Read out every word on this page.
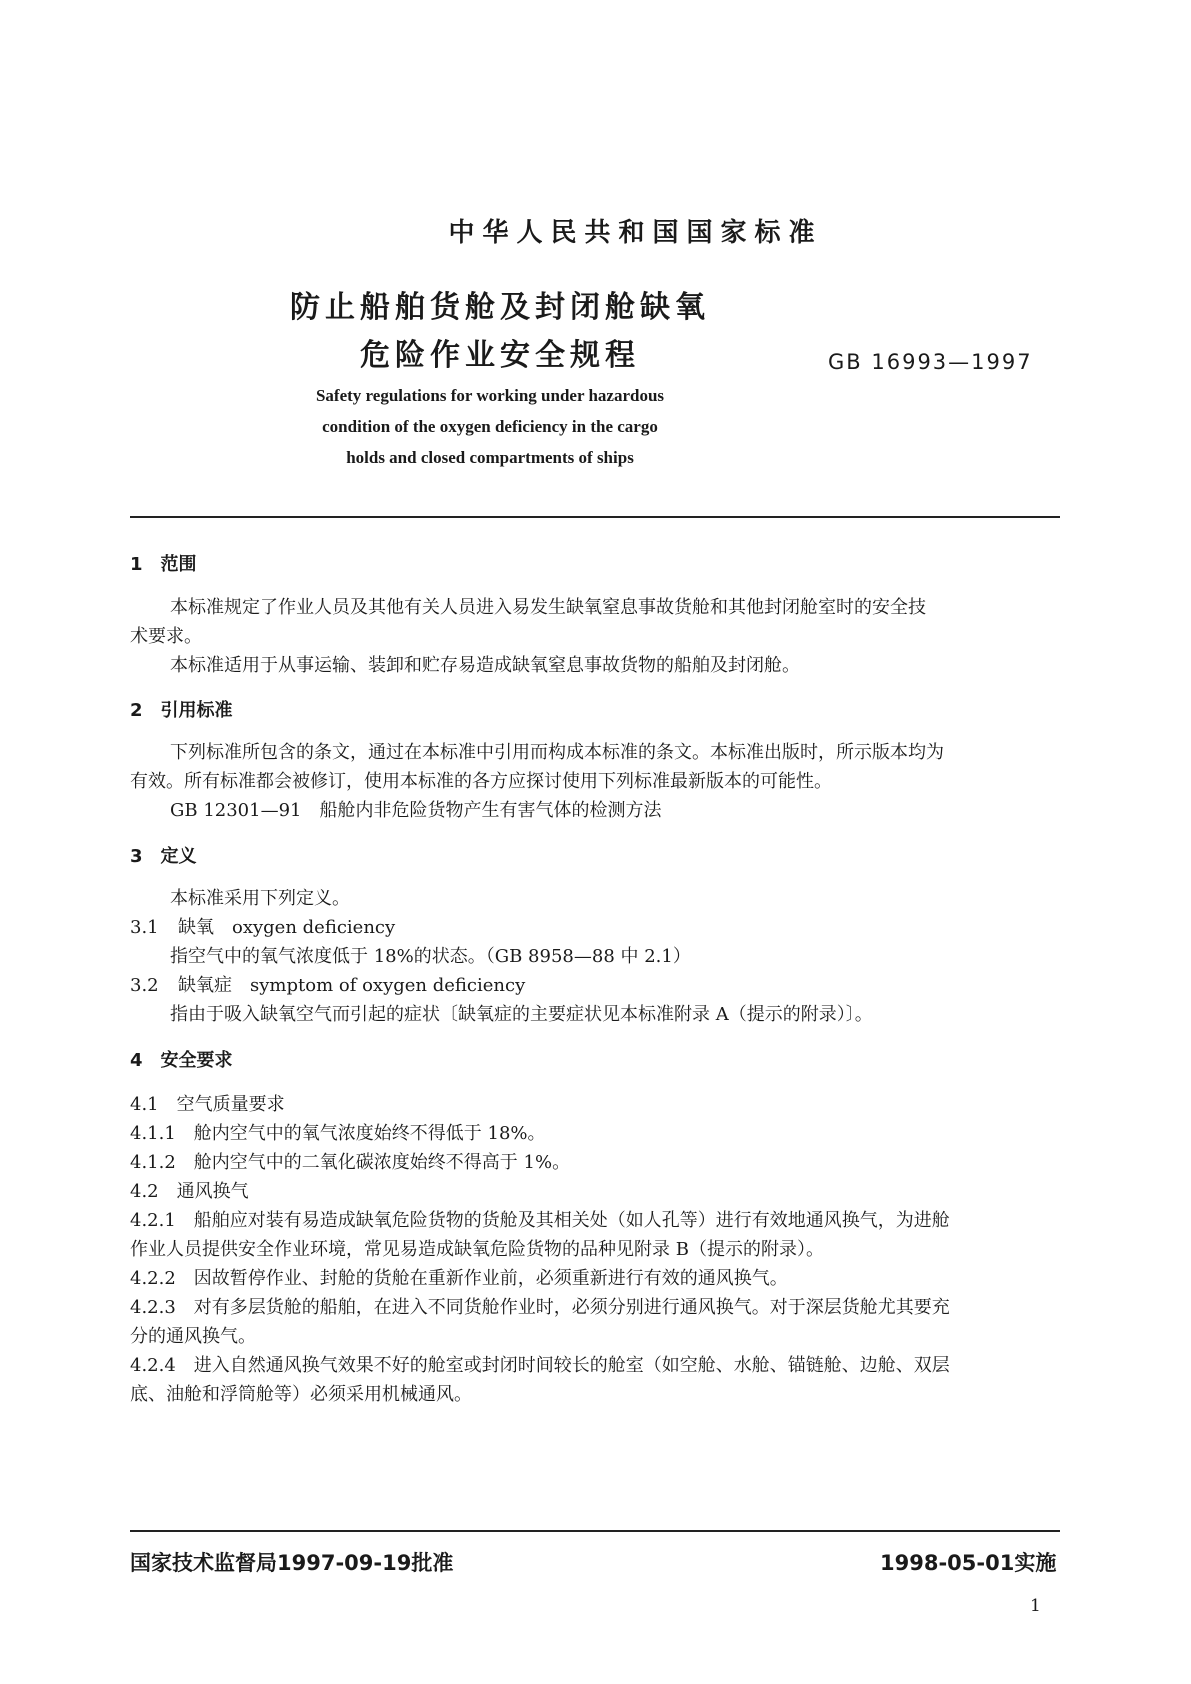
中华人民共和国国家标准
防止船舶货舱及封闭舱缺氧
危险作业安全规程	GB 16993—1997
Safety regulations for working under hazardous
condition of the oxygen deficiency in the cargo
holds and closed compartments of ships
1　范围
本标准规定了作业人员及其他有关人员进入易发生缺氧窒息事故货舱和其他封闭舱室时的安全技
术要求。
本标准适用于从事运输、装卸和贮存易造成缺氧窒息事故货物的船舶及封闭舱。
2　引用标准
下列标准所包含的条文，通过在本标准中引用而构成本标准的条文。本标准出版时，所示版本均为
有效。所有标准都会被修订，使用本标准的各方应探讨使用下列标准最新版本的可能性。
GB 12301—91　船舱内非危险货物产生有害气体的检测方法
3　定义
本标准采用下列定义。
3.1 缺氧　oxygen deficiency
指空气中的氧气浓度低于 18%的状态。（GB 8958—88 中 2.1）
3.2 缺氧症　symptom of oxygen deficiency
指由于吸入缺氧空气而引起的症状〔缺氧症的主要症状见本标准附录 A（提示的附录）〕。
4　安全要求
4.1　空气质量要求
4.1.1　舱内空气中的氧气浓度始终不得低于 18%。
4.1.2　舱内空气中的二氧化碳浓度始终不得高于 1%。
4.2　通风换气
4.2.1　船舶应对装有易造成缺氧危险货物的货舱及其相关处（如人孔等）进行有效地通风换气，为进舱
作业人员提供安全作业环境，常见易造成缺氧危险货物的品种见附录 B（提示的附录）。
4.2.2　因故暂停作业、封舱的货舱在重新作业前，必须重新进行有效的通风换气。
4.2.3　对有多层货舱的船舶，在进入不同货舱作业时，必须分别进行通风换气。对于深层货舱尤其要充
分的通风换气。
4.2.4　进入自然通风换气效果不好的舱室或封闭时间较长的舱室（如空舱、水舱、锚链舱、边舱、双层
底、油舱和浮筒舱等）必须采用机械通风。
国家技术监督局1997-09-19批准	1998-05-01实施
1
